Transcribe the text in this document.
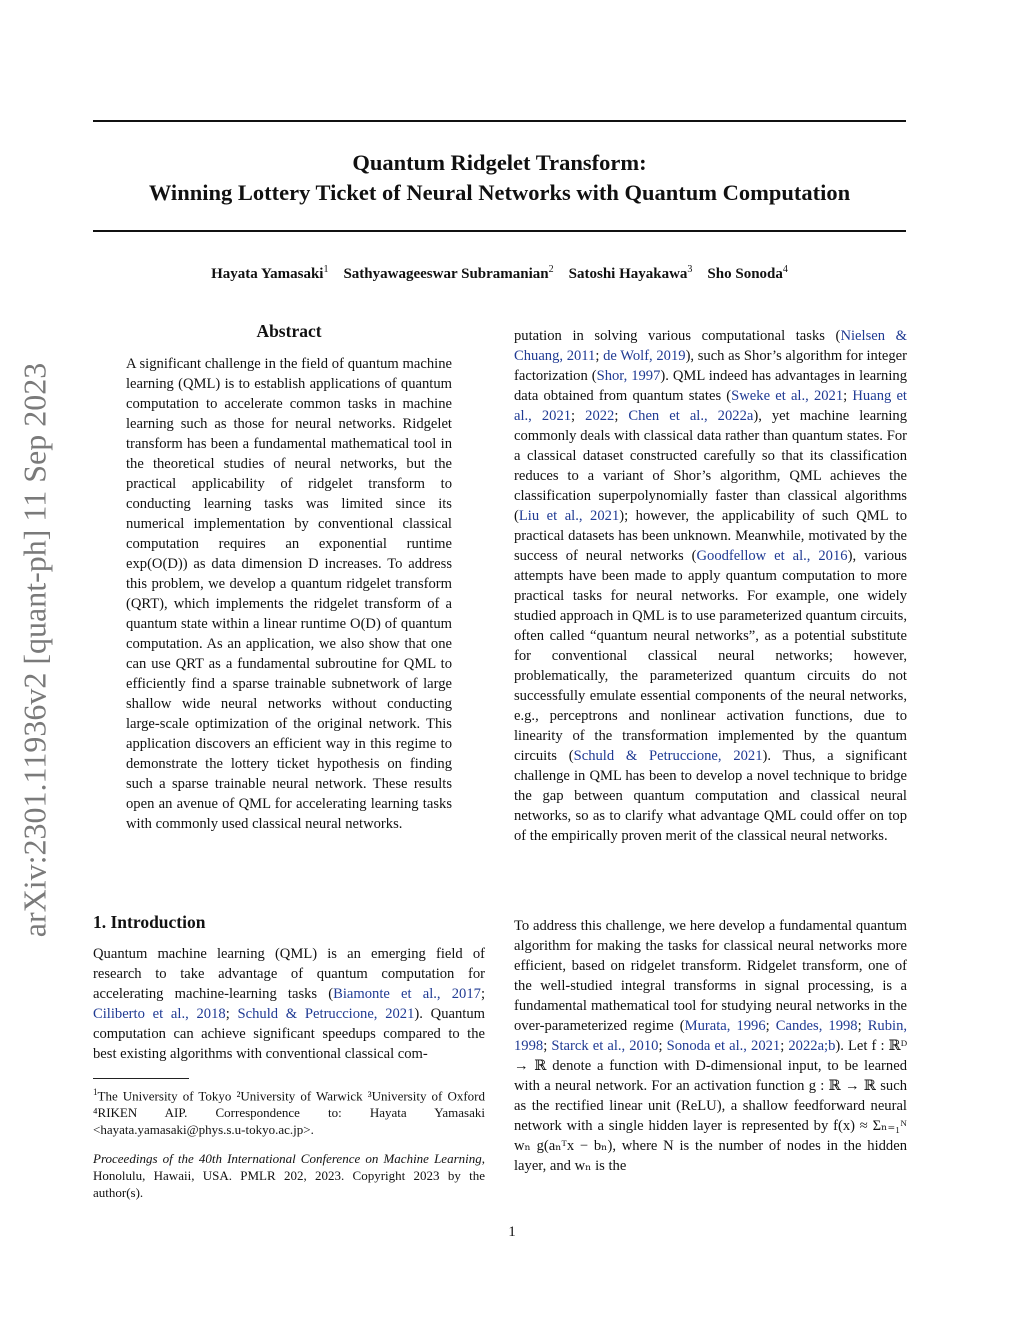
arXiv:2301.11936v2 [quant-ph] 11 Sep 2023
Quantum Ridgelet Transform:
Winning Lottery Ticket of Neural Networks with Quantum Computation
Hayata Yamasaki$^1$ Sathyawageeswar Subramanian$^2$ Satoshi Hayakawa$^3$ Sho Sonoda$^4$
Abstract

A significant challenge in the field of quantum machine learning (QML) is to establish applications of quantum computation to accelerate common tasks in machine learning such as those for neural networks. Ridgelet transform has been a fundamental mathematical tool in the theoretical studies of neural networks, but the practical applicability of ridgelet transform to conducting learning tasks was limited since its numerical implementation by conventional classical computation requires an exponential runtime exp(O(D)) as data dimension D increases. To address this problem, we develop a quantum ridgelet transform (QRT), which implements the ridgelet transform of a quantum state within a linear runtime O(D) of quantum computation. As an application, we also show that one can use QRT as a fundamental subroutine for QML to efficiently find a sparse trainable subnetwork of large shallow wide neural networks without conducting large-scale optimization of the original network. This application discovers an efficient way in this regime to demonstrate the lottery ticket hypothesis on finding such a sparse trainable neural network. These results open an avenue of QML for accelerating learning tasks with commonly used classical neural networks.

1. Introduction

Quantum machine learning (QML) is an emerging field of research to take advantage of quantum computation for accelerating machine-learning tasks (Biamonte et al., 2017; Ciliberto et al., 2018; Schuld & Petruccione, 2021). Quantum computation can achieve significant speedups compared to the best existing algorithms with conventional classical com-

$^1$The University of Tokyo ²University of Warwick ³University of Oxford ⁴RIKEN AIP. Correspondence to: Hayata Yamasaki <hayata.yamasaki@phys.s.u-tokyo.ac.jp>.
Proceedings of the 40th International Conference on Machine Learning, Honolulu, Hawaii, USA. PMLR 202, 2023. Copyright 2023 by the author(s).

putation in solving various computational tasks (Nielsen & Chuang, 2011; de Wolf, 2019), such as Shor’s algorithm for integer factorization (Shor, 1997). QML indeed has advantages in learning data obtained from quantum states (Sweke et al., 2021; Huang et al., 2021; 2022; Chen et al., 2022a), yet machine learning commonly deals with classical data rather than quantum states. For a classical dataset constructed carefully so that its classification reduces to a variant of Shor’s algorithm, QML achieves the classification superpolynomially faster than classical algorithms (Liu et al., 2021); however, the applicability of such QML to practical datasets has been unknown. Meanwhile, motivated by the success of neural networks (Goodfellow et al., 2016), various attempts have been made to apply quantum computation to more practical tasks for neural networks. For example, one widely studied approach in QML is to use parameterized quantum circuits, often called “quantum neural networks”, as a potential substitute for conventional classical neural networks; however, problematically, the parameterized quantum circuits do not successfully emulate essential components of the neural networks, e.g., perceptrons and nonlinear activation functions, due to linearity of the transformation implemented by the quantum circuits (Schuld & Petruccione, 2021). Thus, a significant challenge in QML has been to develop a novel technique to bridge the gap between quantum computation and classical neural networks, so as to clarify what advantage QML could offer on top of the empirically proven merit of the classical neural networks.

To address this challenge, we here develop a fundamental quantum algorithm for making the tasks for classical neural networks more efficient, based on ridgelet transform. Ridgelet transform, one of the well-studied integral transforms in signal processing, is a fundamental mathematical tool for studying neural networks in the over-parameterized regime (Murata, 1996; Candes, 1998; Rubin, 1998; Starck et al., 2010; Sonoda et al., 2021; 2022a;b). Let f : ℝᴰ → ℝ denote a function with D-dimensional input, to be learned with a neural network. For an activation function g : ℝ → ℝ such as the rectified linear unit (ReLU), a shallow feedforward neural network with a single hidden layer is represented by f(x) ≈ Σₙ₌₁ᴺ wₙ g(aₙᵀx − bₙ), where N is the number of nodes in the hidden layer, and wₙ is the

1
